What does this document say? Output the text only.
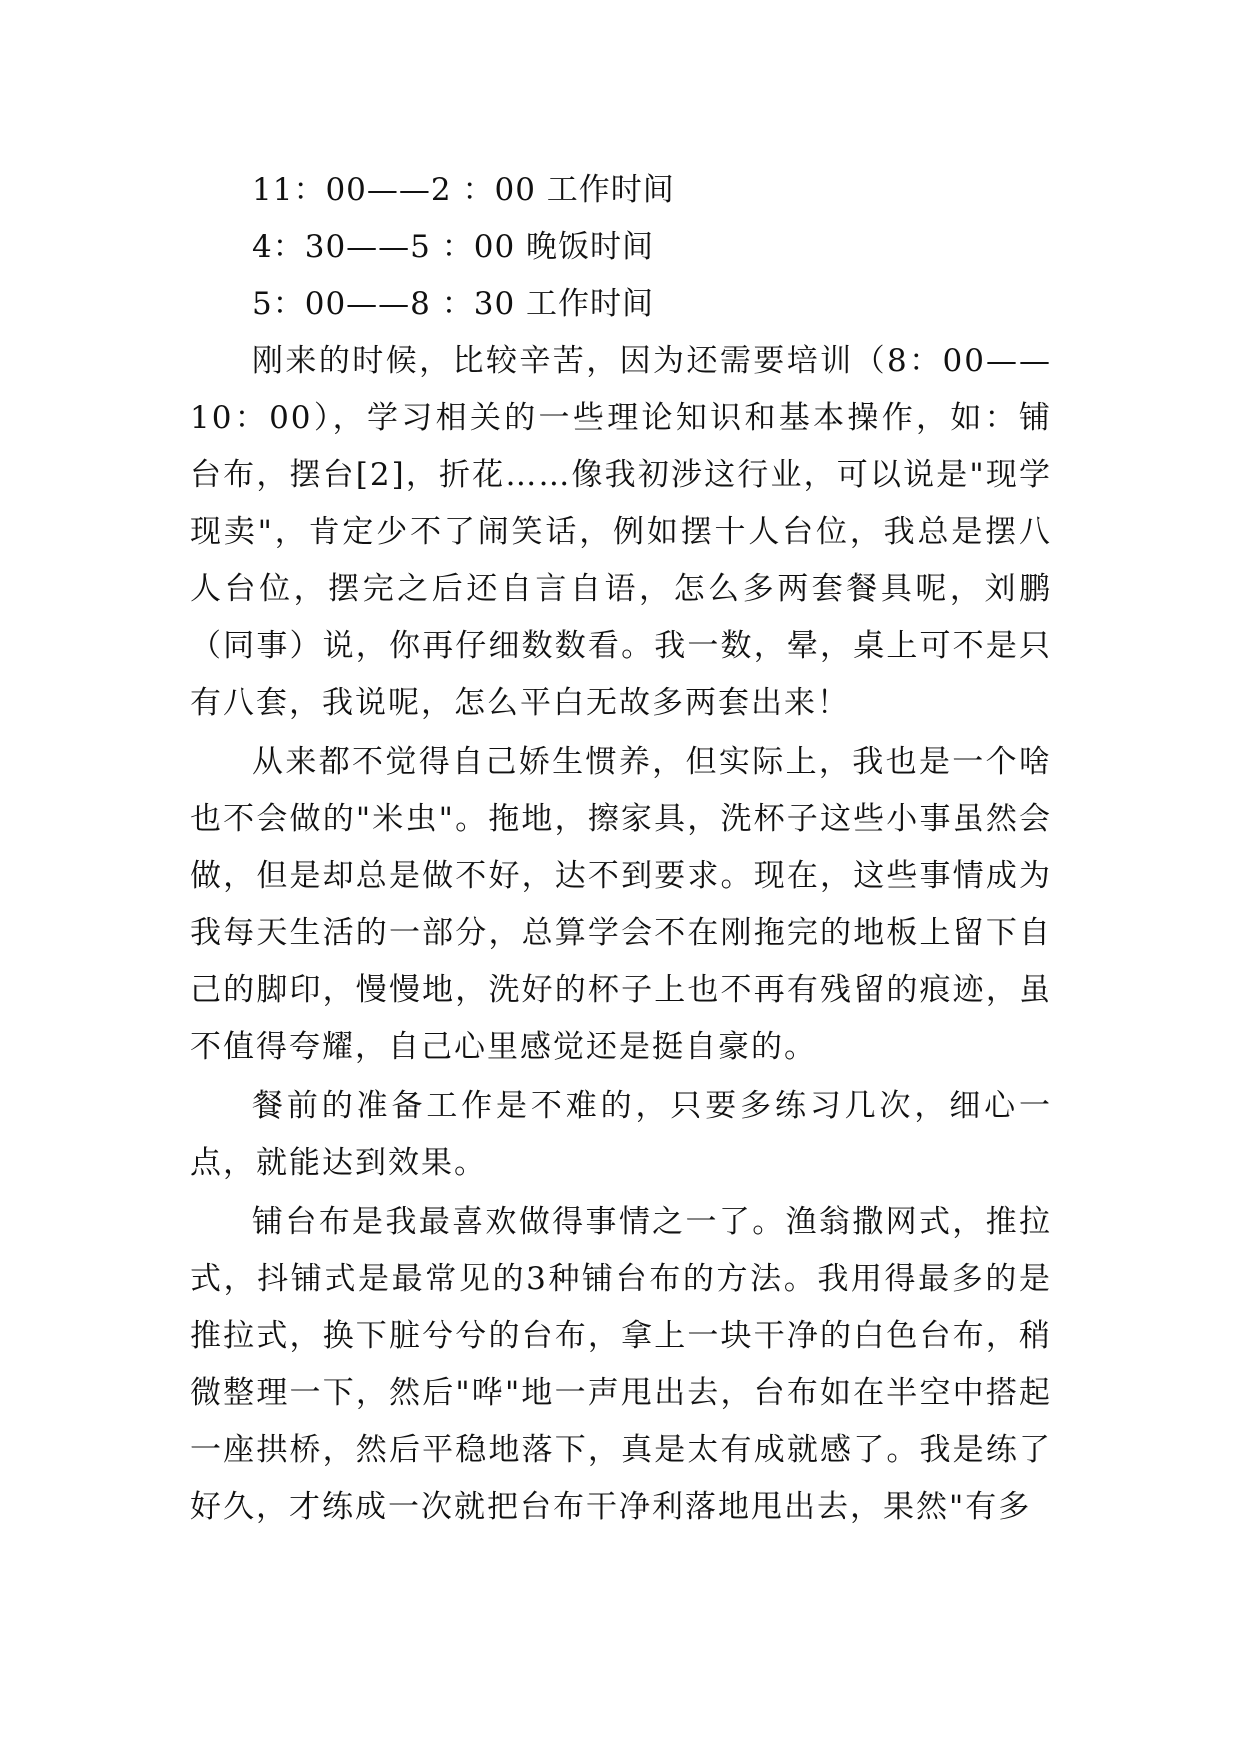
11：00——2 ：00 工作时间

4：30——5 ：00 晚饭时间

5：00——8 ：30 工作时间

刚来的时候，比较辛苦，因为还需要培训（8：00——10：00），学习相关的一些理论知识和基本操作，如：铺台布，摆台[2]，折花……像我初涉这行业，可以说是"现学现卖"，肯定少不了闹笑话，例如摆十人台位，我总是摆八人台位，摆完之后还自言自语，怎么多两套餐具呢，刘鹏（同事）说，你再仔细数数看。我一数，晕，桌上可不是只有八套，我说呢，怎么平白无故多两套出来！

从来都不觉得自己娇生惯养，但实际上，我也是一个啥也不会做的"米虫"。拖地，擦家具，洗杯子这些小事虽然会做，但是却总是做不好，达不到要求。现在，这些事情成为我每天生活的一部分，总算学会不在刚拖完的地板上留下自己的脚印，慢慢地，洗好的杯子上也不再有残留的痕迹，虽不值得夸耀，自己心里感觉还是挺自豪的。

餐前的准备工作是不难的，只要多练习几次，细心一点，就能达到效果。

铺台布是我最喜欢做得事情之一了。渔翁撒网式，推拉式，抖铺式是最常见的3种铺台布的方法。我用得最多的是推拉式，换下脏兮兮的台布，拿上一块干净的白色台布，稍微整理一下，然后"哗"地一声甩出去，台布如在半空中搭起一座拱桥，然后平稳地落下，真是太有成就感了。我是练了好久，才练成一次就把台布干净利落地甩出去，果然"有多
